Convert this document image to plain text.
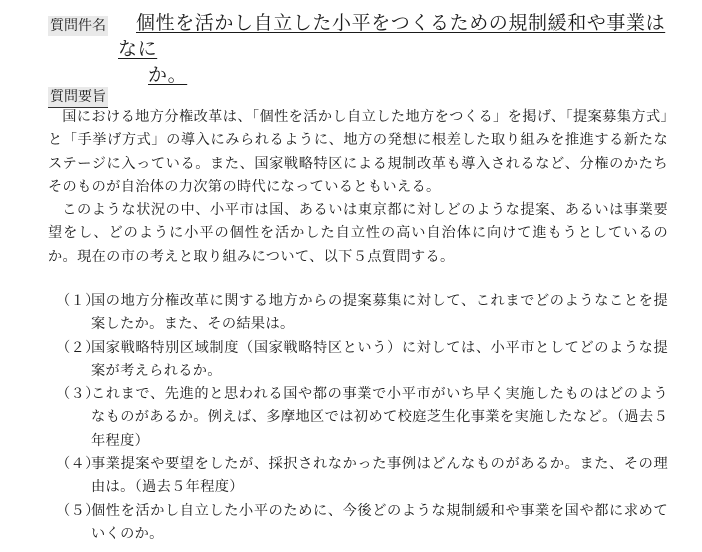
質問件名	個性を活かし自立した小平をつくるための規制緩和や事業はなに
か。
質問要旨

国における地方分権改革は、「個性を活かし自立した地方をつくる」を掲げ、「提案募集方式」と「手挙げ方式」の導入にみられるように、地方の発想に根差した取り組みを推進する新たなステージに入っている。また、国家戦略特区による規制改革も導入されるなど、分権のかたちそのものが自治体の力次第の時代になっているともいえる。

このような状況の中、小平市は国、あるいは東京都に対しどのような提案、あるいは事業要望をし、どのように小平の個性を活かした自立性の高い自治体に向けて進もうとしているのか。現在の市の考えと取り組みについて、以下５点質問する。

（１）
国の地方分権改革に関する地方からの提案募集に対して、これまでどのようなことを提案したか。また、その結果は。
（２）
国家戦略特別区域制度（国家戦略特区という）に対しては、小平市としてどのような提案が考えられるか。
（３）
これまで、先進的と思われる国や都の事業で小平市がいち早く実施したものはどのようなものがあるか。例えば、多摩地区では初めて校庭芝生化事業を実施したなど。（過去５年程度）
（４）
事業提案や要望をしたが、採択されなかった事例はどんなものがあるか。また、その理由は。（過去５年程度）
（５）
個性を活かし自立した小平のために、今後どのような規制緩和や事業を国や都に求めていくのか。
